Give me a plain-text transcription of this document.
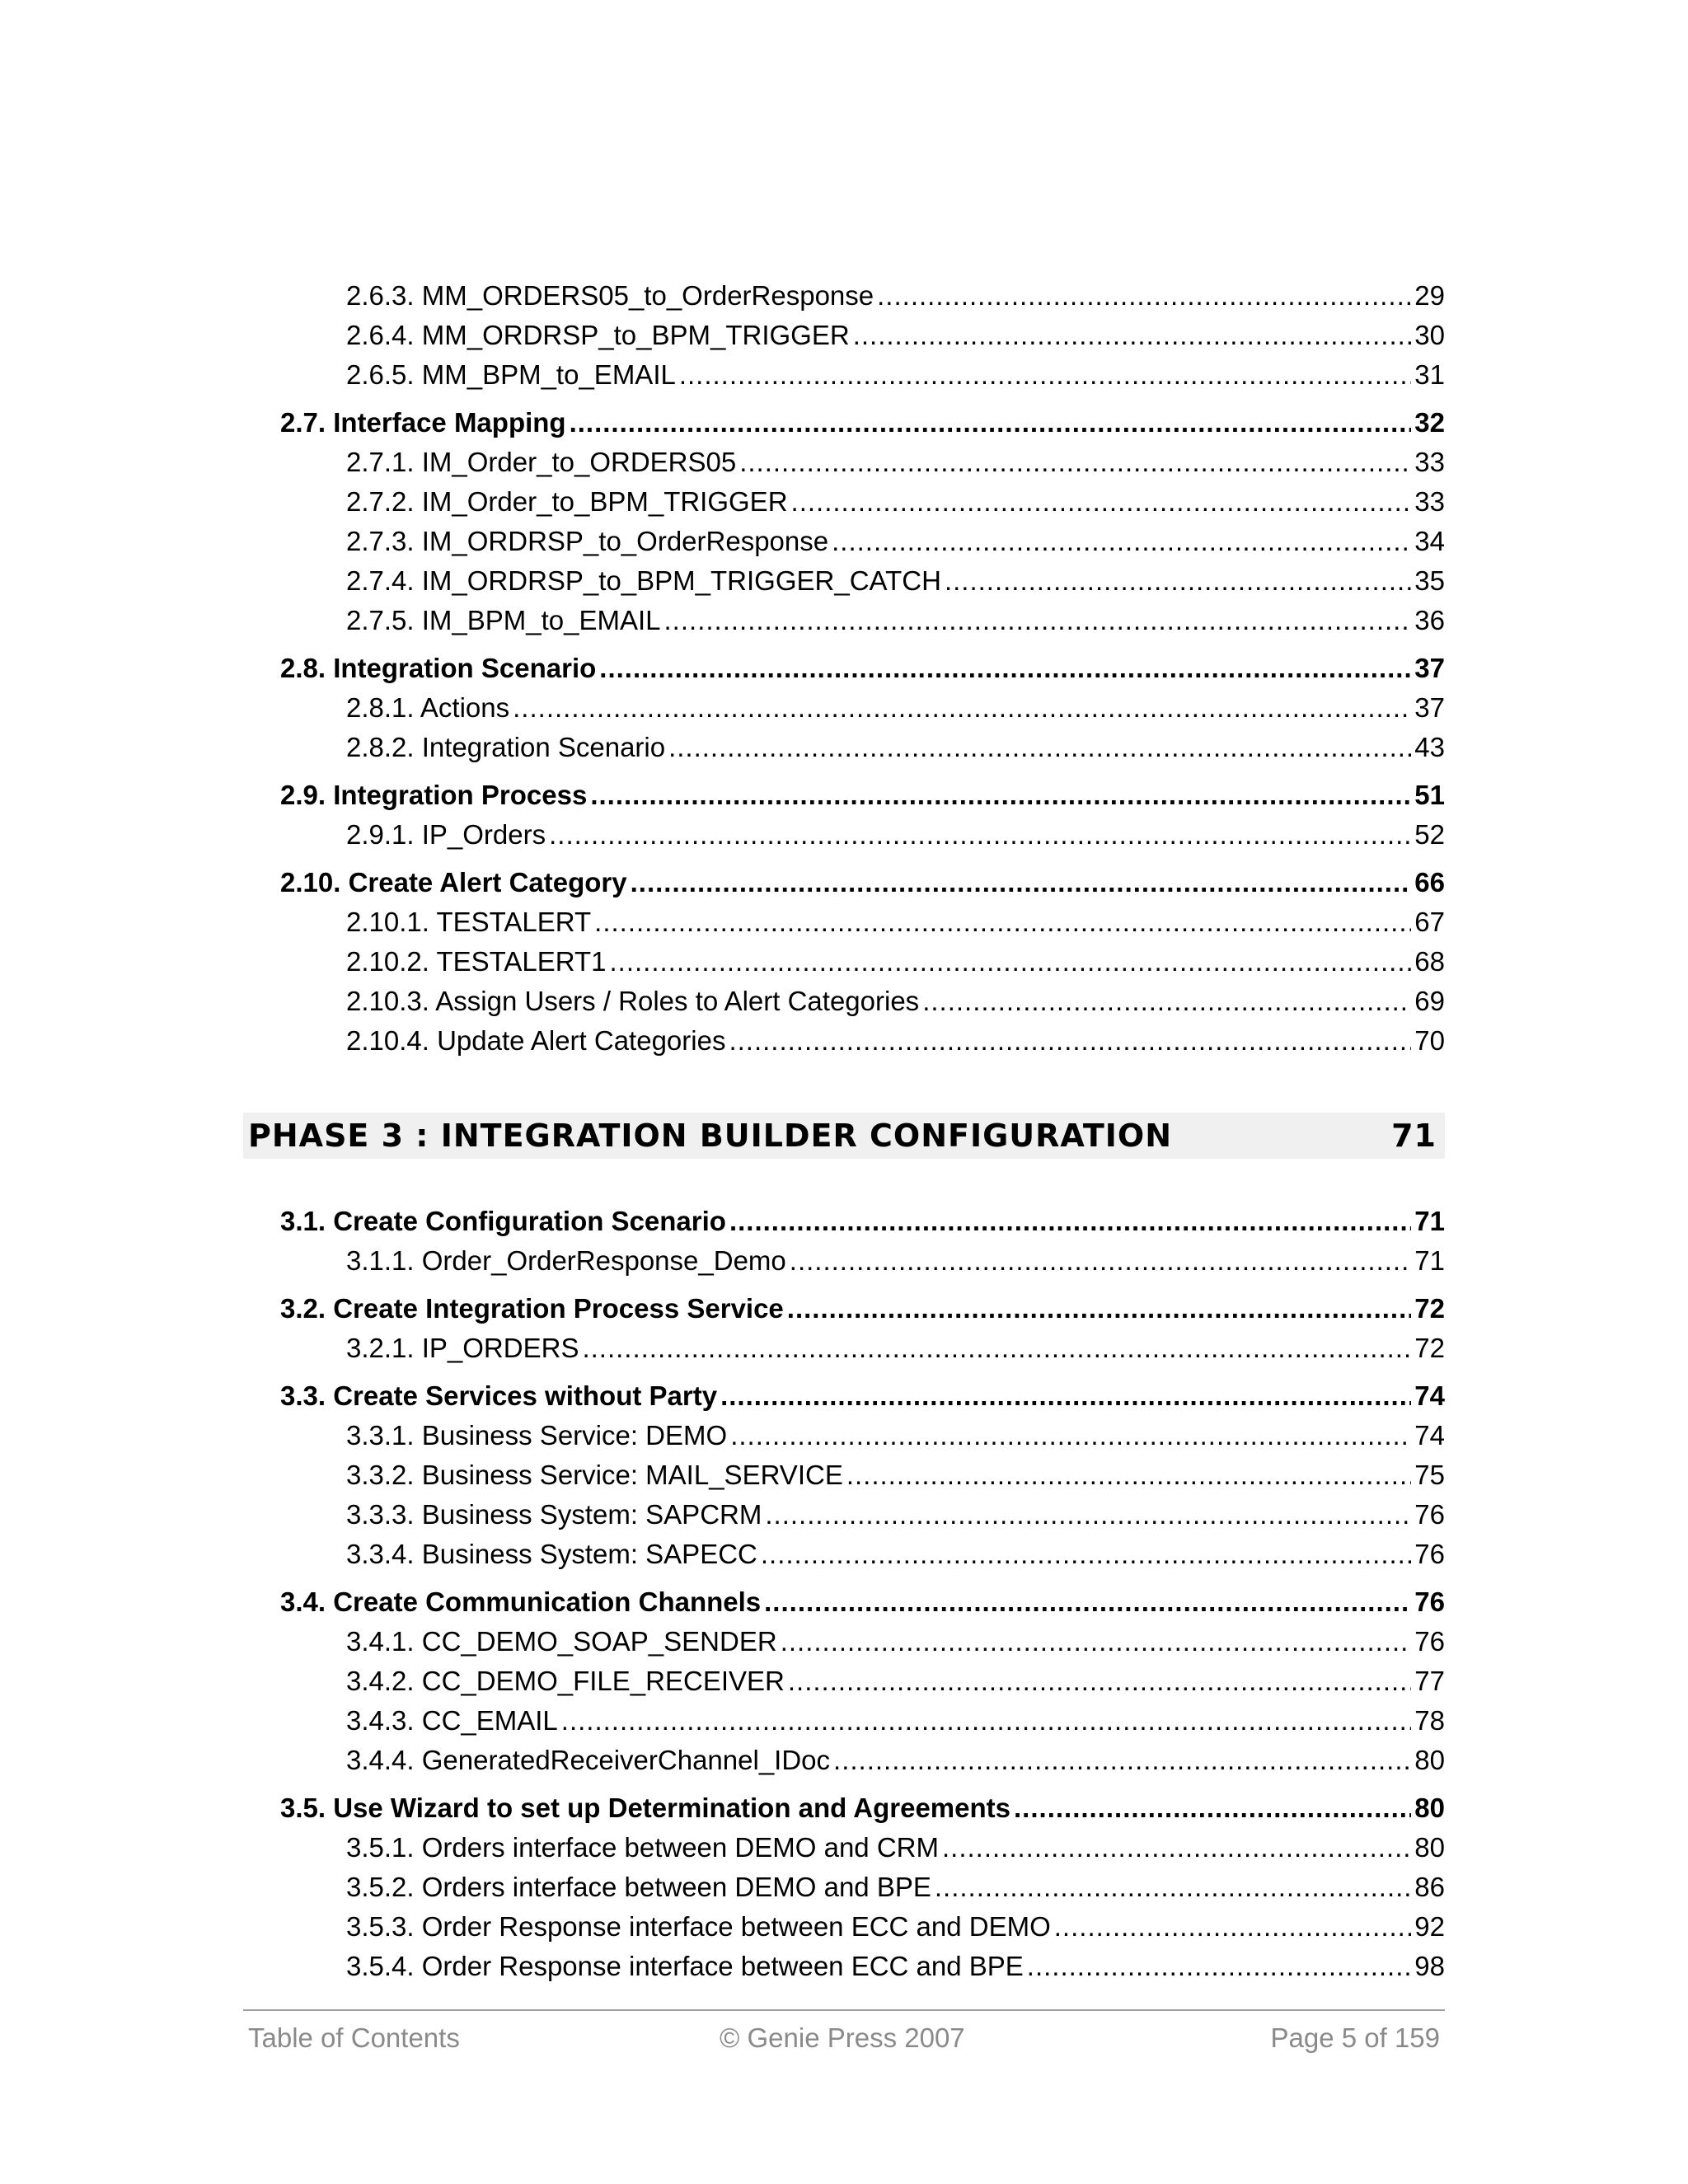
2.6.3. MM_ORDERS05_to_OrderResponse .....	29
2.6.4. MM_ORDRSP_to_BPM_TRIGGER .....	30
2.6.5. MM_BPM_to_EMAIL .....	31
2.7. Interface Mapping .....	32
2.7.1. IM_Order_to_ORDERS05 .....	33
2.7.2. IM_Order_to_BPM_TRIGGER .....	33
2.7.3. IM_ORDRSP_to_OrderResponse .....	34
2.7.4. IM_ORDRSP_to_BPM_TRIGGER_CATCH .....	35
2.7.5. IM_BPM_to_EMAIL .....	36
2.8. Integration Scenario .....	37
2.8.1. Actions .....	37
2.8.2. Integration Scenario .....	43
2.9. Integration Process .....	51
2.9.1. IP_Orders .....	52
2.10. Create Alert Category .....	66
2.10.1. TESTALERT .....	67
2.10.2. TESTALERT1 .....	68
2.10.3. Assign Users / Roles to Alert Categories .....	69
2.10.4. Update Alert Categories .....	70
PHASE 3 : INTEGRATION BUILDER CONFIGURATION	71
3.1. Create Configuration Scenario .....	71
3.1.1. Order_OrderResponse_Demo .....	71
3.2. Create Integration Process Service .....	72
3.2.1. IP_ORDERS .....	72
3.3. Create Services without Party .....	74
3.3.1. Business Service: DEMO .....	74
3.3.2. Business Service: MAIL_SERVICE .....	75
3.3.3. Business System: SAPCRM .....	76
3.3.4. Business System: SAPECC .....	76
3.4. Create Communication Channels .....	76
3.4.1. CC_DEMO_SOAP_SENDER .....	76
3.4.2. CC_DEMO_FILE_RECEIVER .....	77
3.4.3. CC_EMAIL .....	78
3.4.4. GeneratedReceiverChannel_IDoc .....	80
3.5. Use Wizard to set up Determination and Agreements .....	80
3.5.1. Orders interface between DEMO and CRM .....	80
3.5.2. Orders interface between DEMO and BPE .....	86
3.5.3. Order Response interface between ECC and DEMO .....	92
3.5.4. Order Response interface between ECC and BPE .....	98
Table of Contents	© Genie Press 2007	Page 5 of 159
